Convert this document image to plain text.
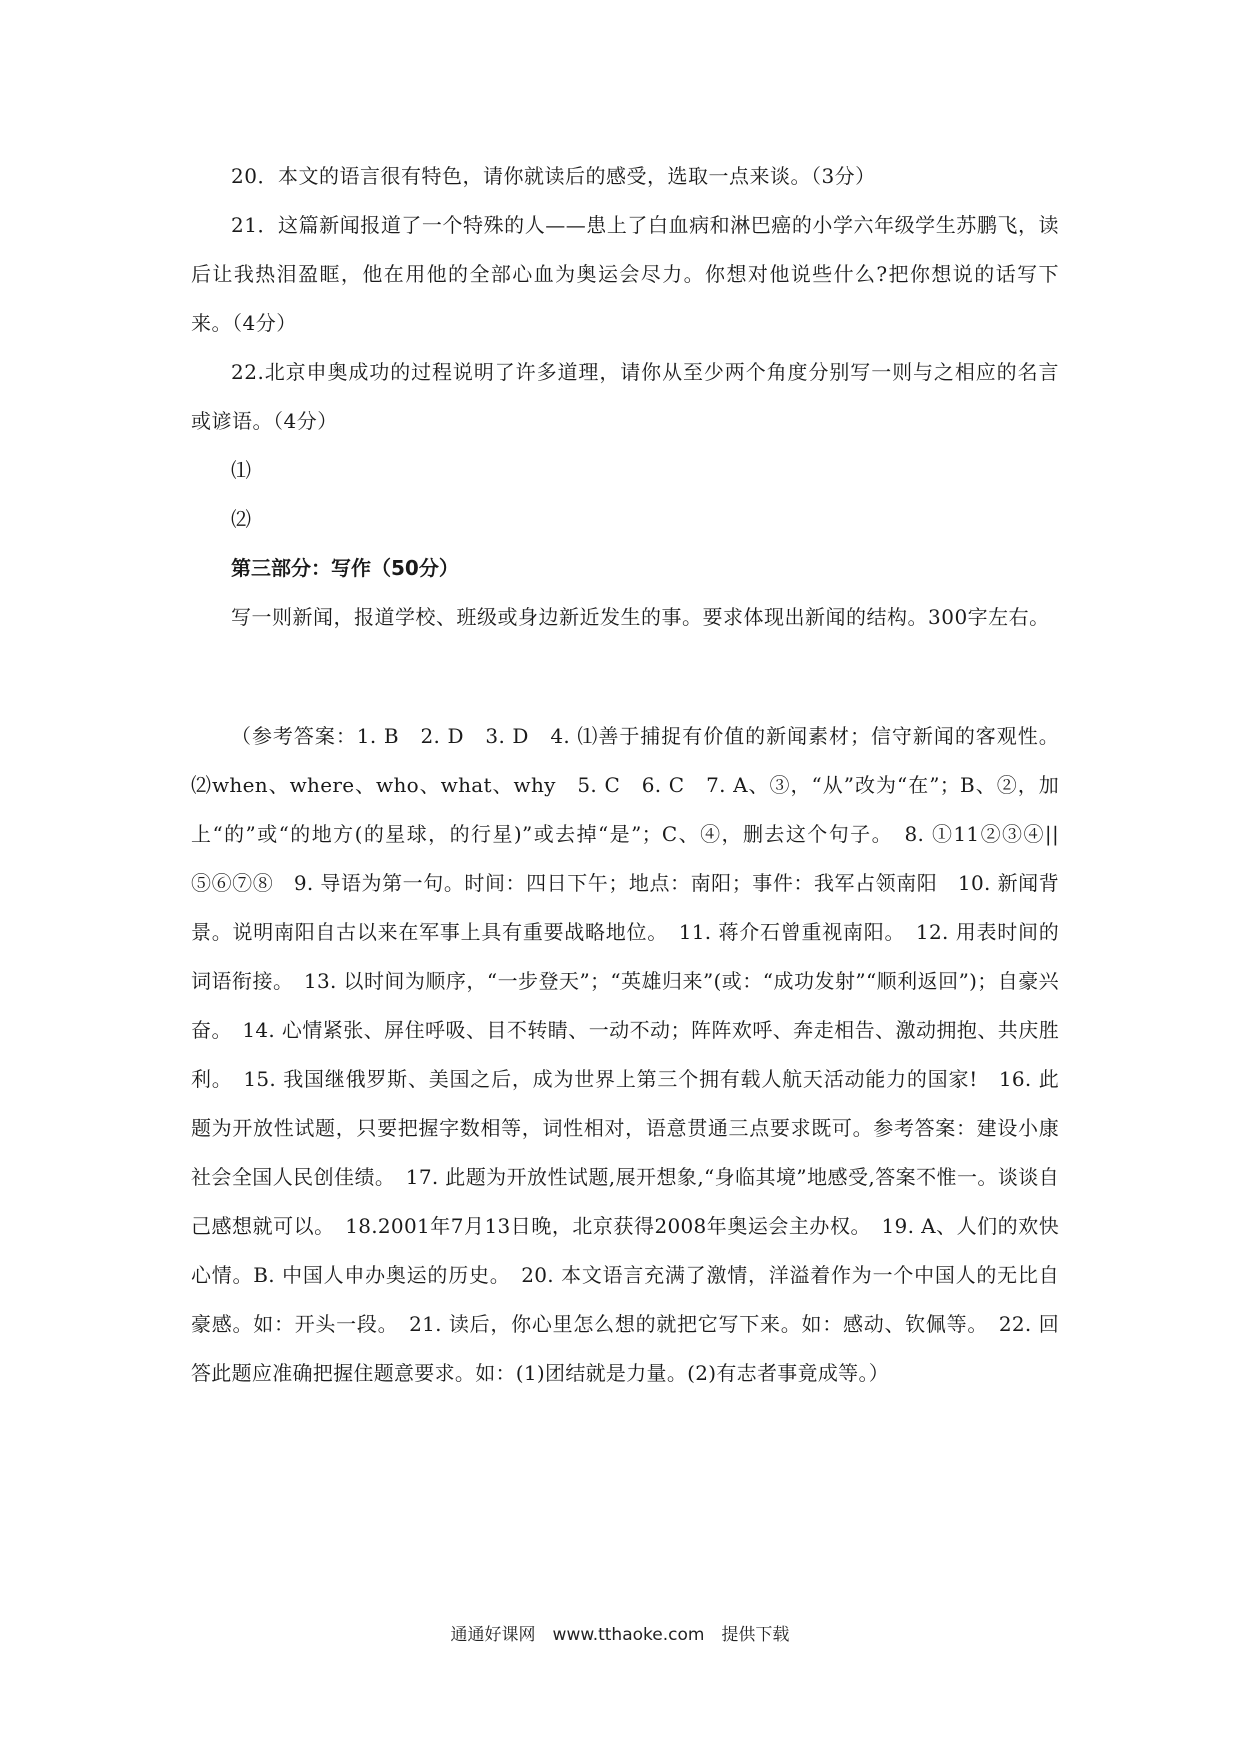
20．本文的语言很有特色，请你就读后的感受，选取一点来谈。（3分）

21．这篇新闻报道了一个特殊的人——患上了白血病和淋巴癌的小学六年级学生苏鹏飞，读后让我热泪盈眶，他在用他的全部心血为奥运会尽力。你想对他说些什么?把你想说的话写下来。（4分）

22.北京申奥成功的过程说明了许多道理，请你从至少两个角度分别写一则与之相应的名言或谚语。（4分）

⑴

⑵

第三部分：写作（50分）

写一则新闻，报道学校、班级或身边新近发生的事。要求体现出新闻的结构。300字左右。

（参考答案：1. B　2. D　3. D　4. ⑴善于捕捉有价值的新闻素材；信守新闻的客观性。⑵when、where、who、what、why　5. C　6. C　7. A、③，“从”改为“在”；B、②，加上“的”或“的地方(的星球，的行星)”或去掉“是”；C、④，删去这个句子。　8. ①11②③④||⑤⑥⑦⑧　9. 导语为第一句。时间：四日下午；地点：南阳；事件：我军占领南阳　10. 新闻背景。说明南阳自古以来在军事上具有重要战略地位。　11. 蒋介石曾重视南阳。　12. 用表时间的词语衔接。　13. 以时间为顺序，“一步登天”；“英雄归来”(或：“成功发射”“顺利返回”)；自豪兴奋。　14. 心情紧张、屏住呼吸、目不转睛、一动不动；阵阵欢呼、奔走相告、激动拥抱、共庆胜利。　15. 我国继俄罗斯、美国之后，成为世界上第三个拥有载人航天活动能力的国家!　16. 此题为开放性试题，只要把握字数相等，词性相对，语意贯通三点要求既可。参考答案：建设小康社会全国人民创佳绩。　17. 此题为开放性试题,展开想象,“身临其境”地感受,答案不惟一。谈谈自己感想就可以。　18.2001年7月13日晚，北京获得2008年奥运会主办权。　19. A、人们的欢快心情。B. 中国人申办奥运的历史。　20. 本文语言充满了激情，洋溢着作为一个中国人的无比自豪感。如：开头一段。　21. 读后，你心里怎么想的就把它写下来。如：感动、钦佩等。　22. 回答此题应准确把握住题意要求。如：(1)团结就是力量。(2)有志者事竟成等。）

通通好课网　www.tthaoke.com　提供下载
